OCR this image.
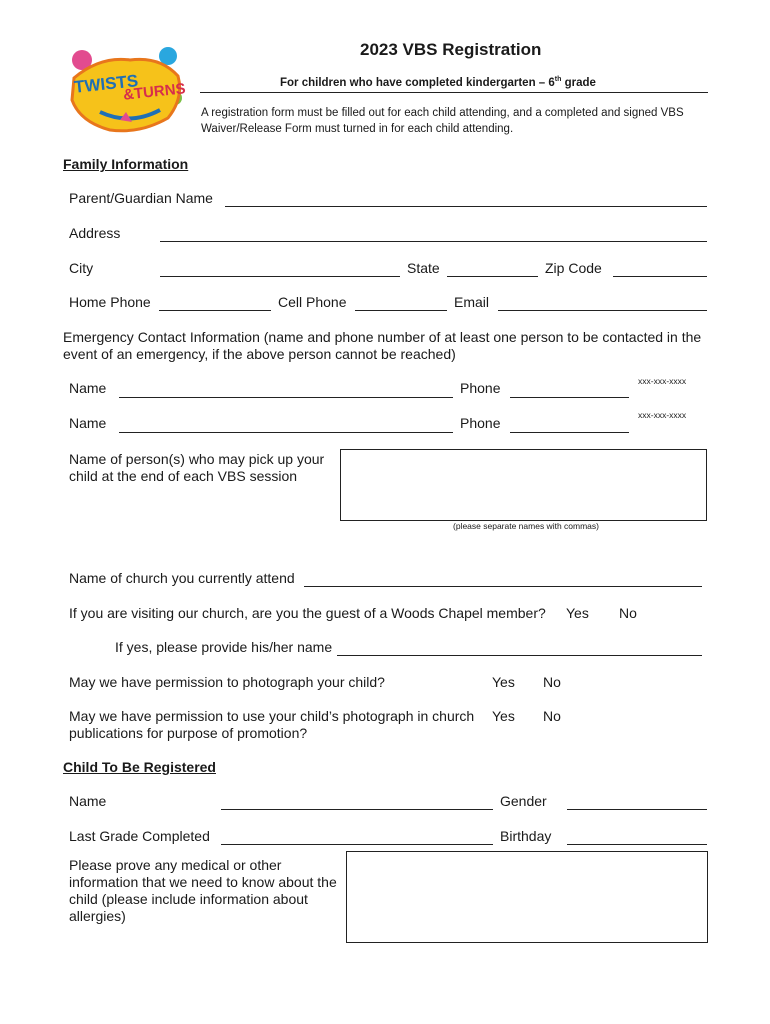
TWISTS
&TURNS
2023 VBS Registration
For children who have completed kindergarten – 6th grade
A registration form must be filled out for each child attending, and a completed and signed VBS Waiver/Release Form must turned in for each child attending.
Family Information
Parent/Guardian Name
Address
City	State	Zip Code
Home Phone	Cell Phone	Email
Emergency Contact Information (name and phone number of at least one person to be contacted in the event of an emergency, if the above person cannot be reached)
Name	Phone	xxx-xxx-xxxx
Name	Phone	xxx-xxx-xxxx
Name of person(s) who may pick up your child at the end of each VBS session
(please separate names with commas)
Name of church you currently attend
If you are visiting our church, are you the guest of a Woods Chapel member? Yes No
If yes, please provide his/her name
May we have permission to photograph your child?	Yes No
May we have permission to use your child’s photograph in church publications for purpose of promotion?
Yes No
Child To Be Registered
Name	Gender
Last Grade Completed	Birthday
Please prove any medical or other information that we need to know about the child (please include information about allergies)
